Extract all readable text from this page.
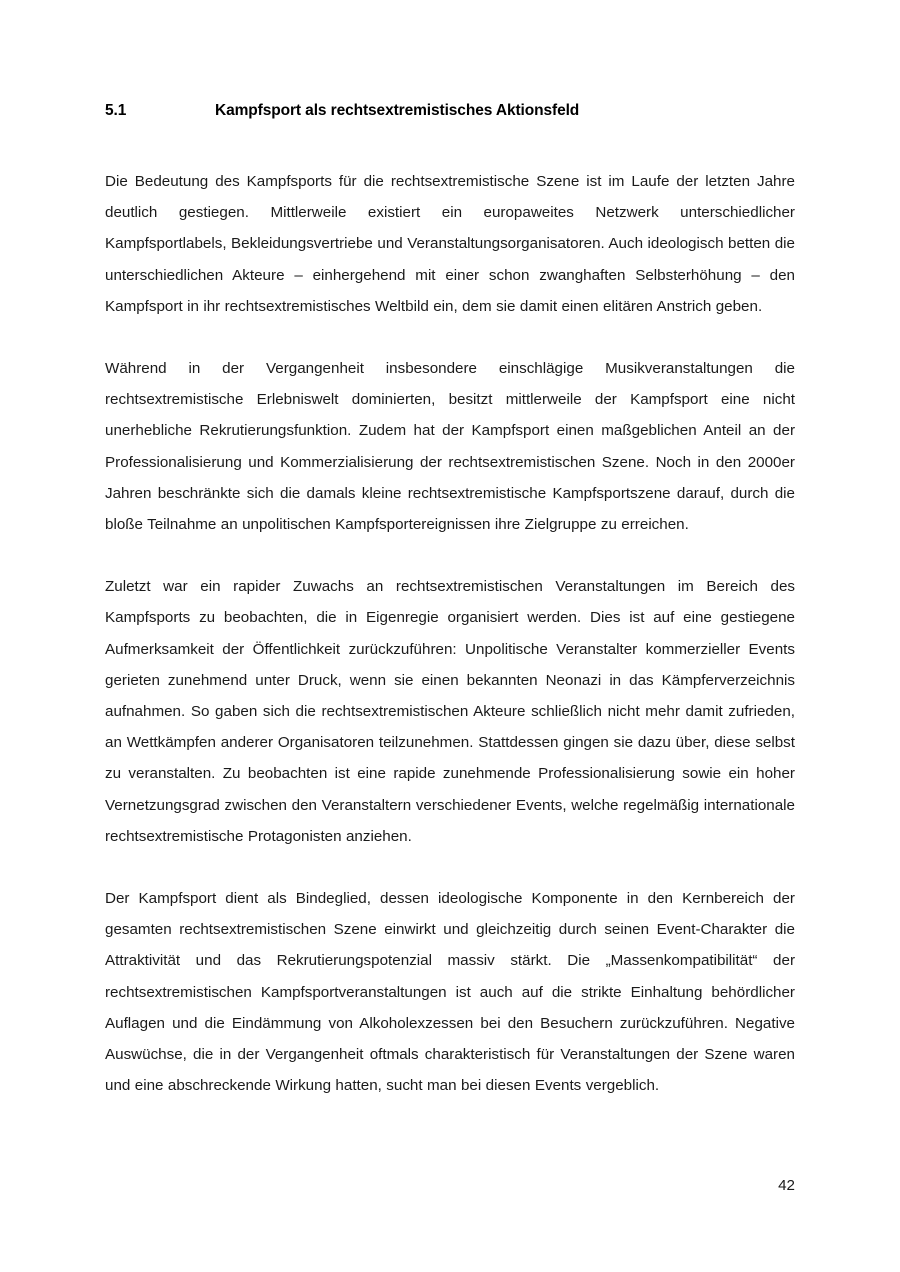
5.1	Kampfsport als rechtsextremistisches Aktionsfeld

Die Bedeutung des Kampfsports für die rechtsextremistische Szene ist im Laufe der letzten Jahre deutlich gestiegen. Mittlerweile existiert ein europaweites Netzwerk unterschiedlicher Kampfsportlabels, Bekleidungsvertriebe und Veranstaltungsorganisatoren. Auch ideologisch betten die unterschiedlichen Akteure – einhergehend mit einer schon zwanghaften Selbsterhöhung – den Kampfsport in ihr rechtsextremistisches Weltbild ein, dem sie damit einen elitären Anstrich geben.

Während in der Vergangenheit insbesondere einschlägige Musikveranstaltungen die rechtsextremistische Erlebniswelt dominierten, besitzt mittlerweile der Kampfsport eine nicht unerhebliche Rekrutierungsfunktion. Zudem hat der Kampfsport einen maßgeblichen Anteil an der Professionalisierung und Kommerzialisierung der rechtsextremistischen Szene. Noch in den 2000er Jahren beschränkte sich die damals kleine rechtsextremistische Kampfsportszene darauf, durch die bloße Teilnahme an unpolitischen Kampfsportereignissen ihre Zielgruppe zu erreichen.

Zuletzt war ein rapider Zuwachs an rechtsextremistischen Veranstaltungen im Bereich des Kampfsports zu beobachten, die in Eigenregie organisiert werden. Dies ist auf eine gestiegene Aufmerksamkeit der Öffentlichkeit zurückzuführen: Unpolitische Veranstalter kommerzieller Events gerieten zunehmend unter Druck, wenn sie einen bekannten Neonazi in das Kämpferverzeichnis aufnahmen. So gaben sich die rechtsextremistischen Akteure schließlich nicht mehr damit zufrieden, an Wettkämpfen anderer Organisatoren teilzunehmen. Stattdessen gingen sie dazu über, diese selbst zu veranstalten. Zu beobachten ist eine rapide zunehmende Professionalisierung sowie ein hoher Vernetzungsgrad zwischen den Veranstaltern verschiedener Events, welche regelmäßig internationale rechtsextremistische Protagonisten anziehen.

Der Kampfsport dient als Bindeglied, dessen ideologische Komponente in den Kernbereich der gesamten rechtsextremistischen Szene einwirkt und gleichzeitig durch seinen Event-Charakter die Attraktivität und das Rekrutierungspotenzial massiv stärkt. Die „Massenkompatibilität“ der rechtsextremistischen Kampfsportveranstaltungen ist auch auf die strikte Einhaltung behördlicher Auflagen und die Eindämmung von Alkoholexzessen bei den Besuchern zurückzuführen. Negative Auswüchse, die in der Vergangenheit oftmals charakteristisch für Veranstaltungen der Szene waren und eine abschreckende Wirkung hatten, sucht man bei diesen Events vergeblich.

42
